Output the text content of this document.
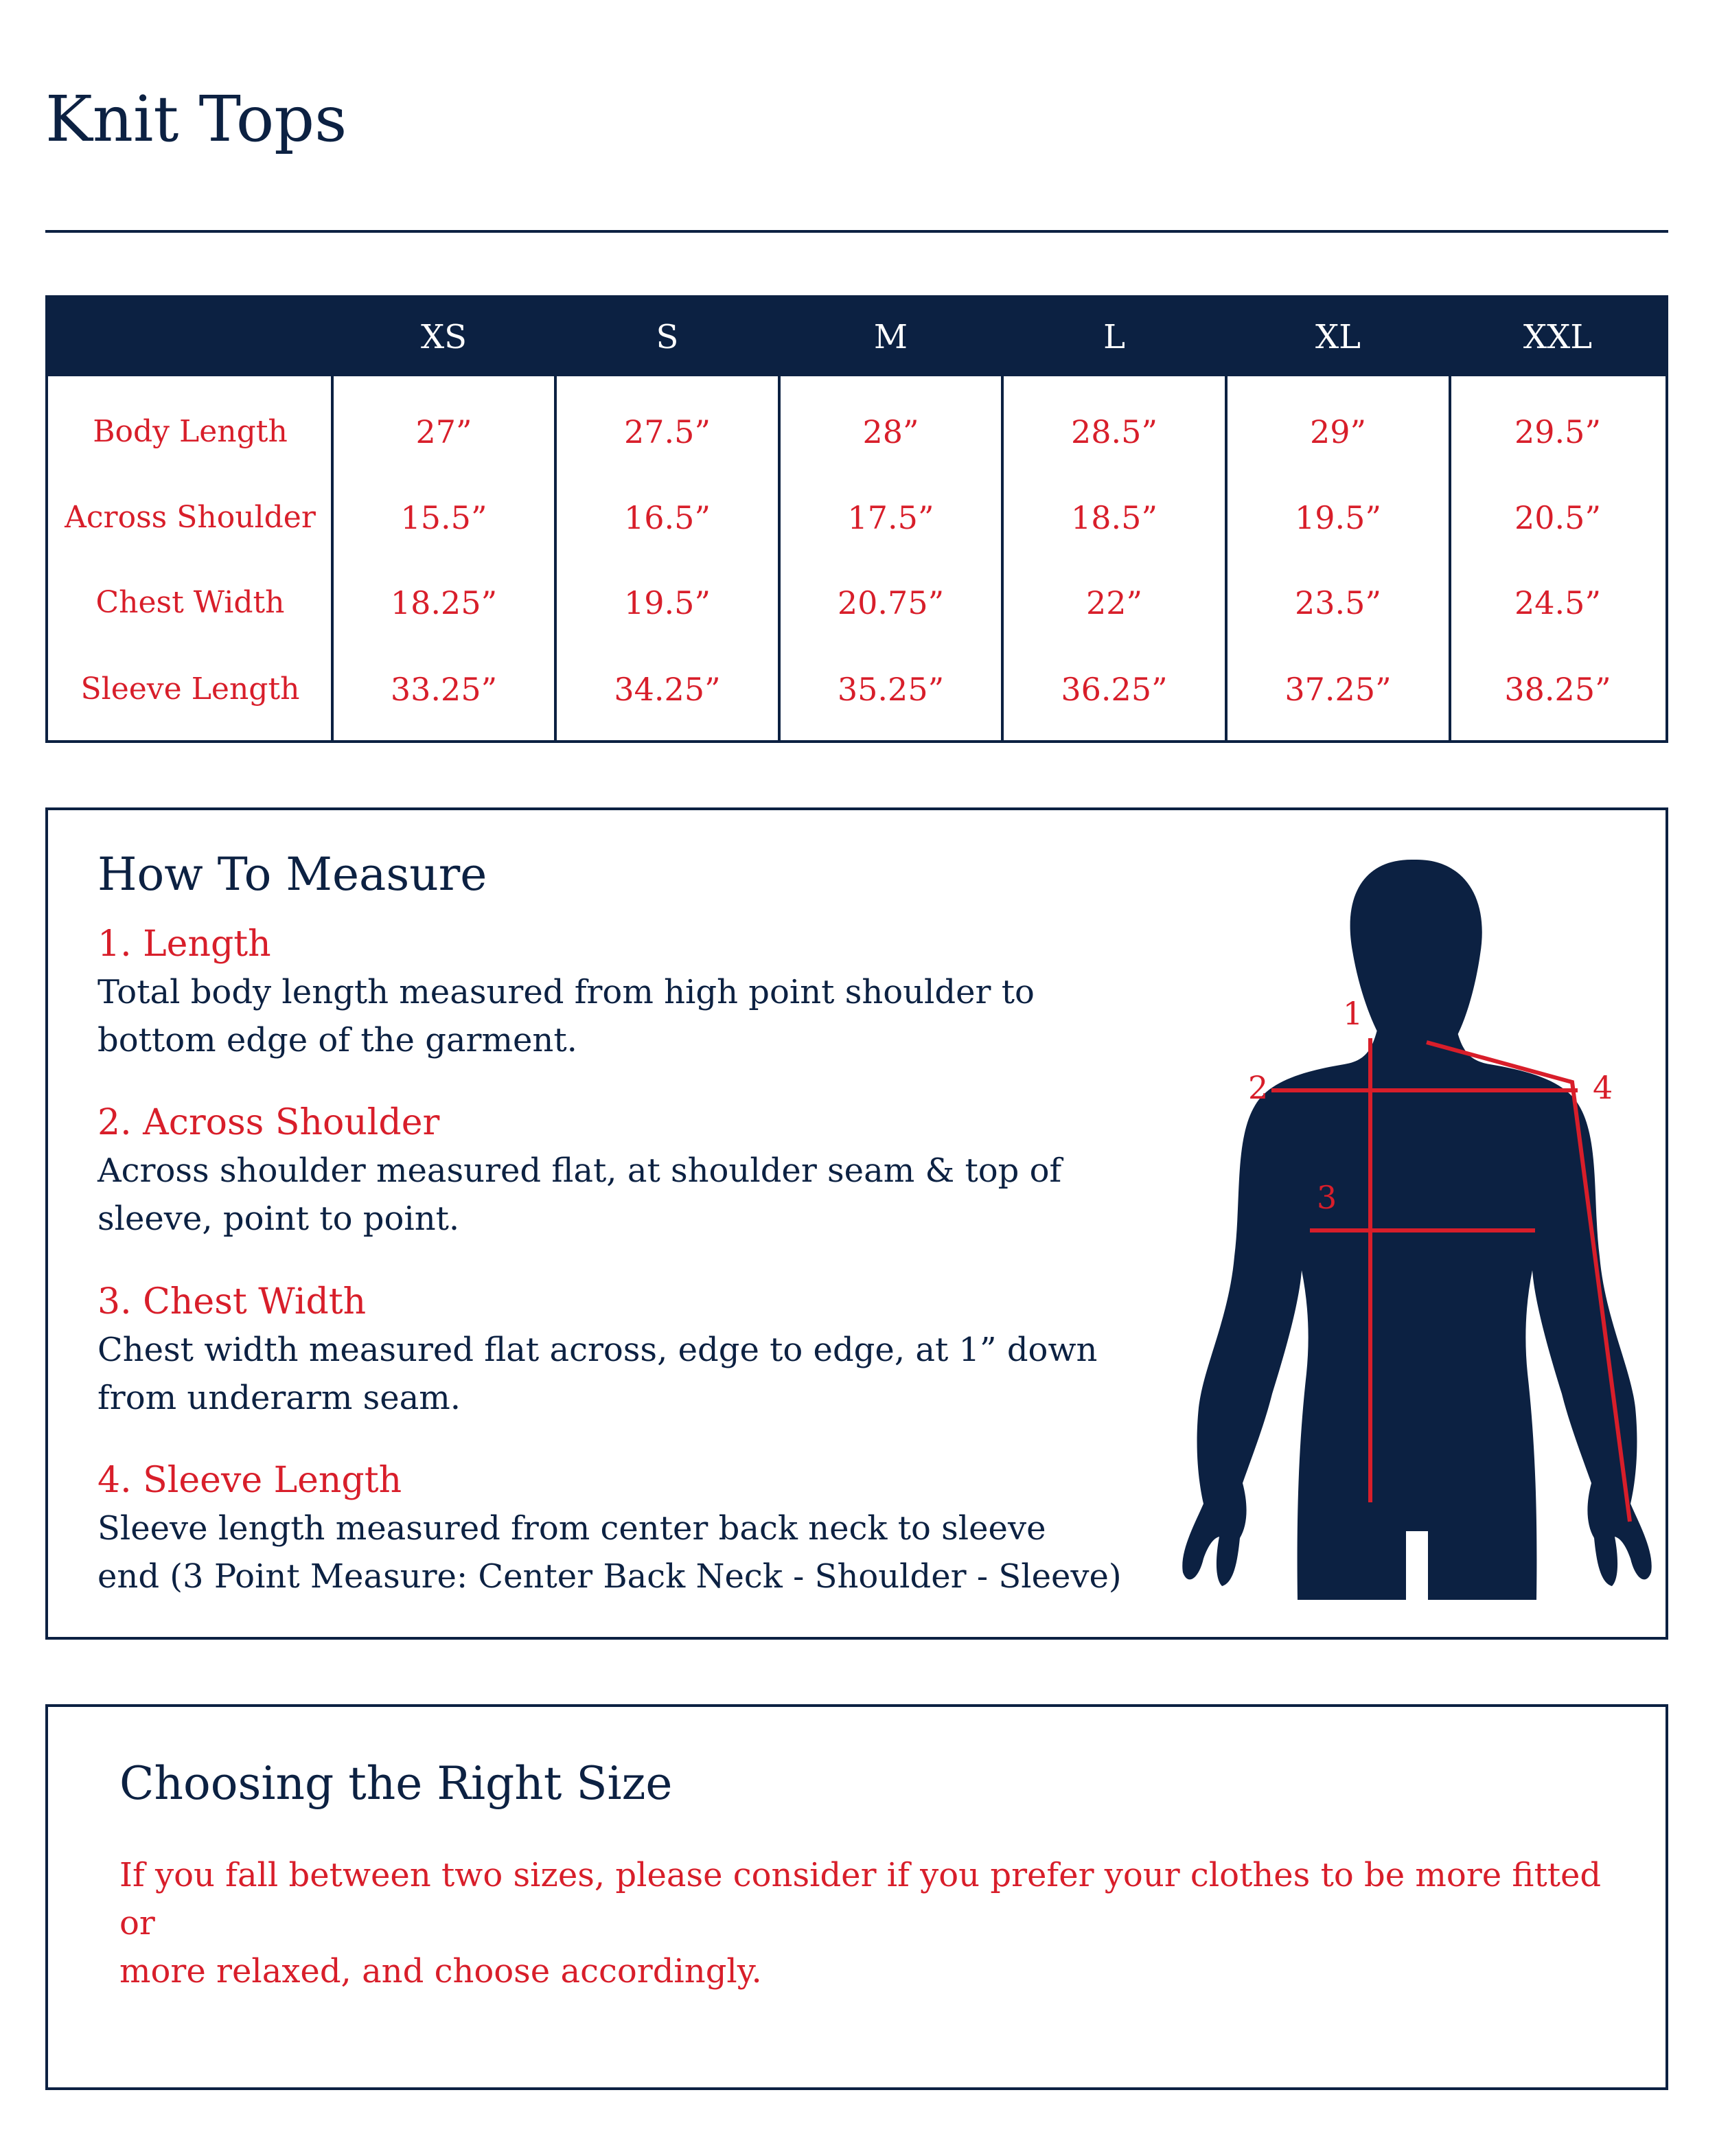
Knit Tops
XS	S	M	L	XL	XXL
Body Length	27”	27.5”	28”	28.5”	29”	29.5”
Across Shoulder	15.5”	16.5”	17.5”	18.5”	19.5”	20.5”
Chest Width	18.25”	19.5”	20.75”	22”	23.5”	24.5”
Sleeve Length	33.25”	34.25”	35.25”	36.25”	37.25”	38.25”
How To Measure
1. Length
Total body length measured from high point shoulder to
bottom edge of the garment.
2. Across Shoulder
Across shoulder measured flat, at shoulder seam & top of
sleeve, point to point.
3. Chest Width
Chest width measured flat across, edge to edge, at 1” down
from underarm seam.
4. Sleeve Length
Sleeve length measured from center back neck to sleeve
end (3 Point Measure: Center Back Neck - Shoulder - Sleeve)
1
2
3
4
Choosing the Right Size
If you fall between two sizes, please consider if you prefer your clothes to be more fitted or
more relaxed, and choose accordingly.
